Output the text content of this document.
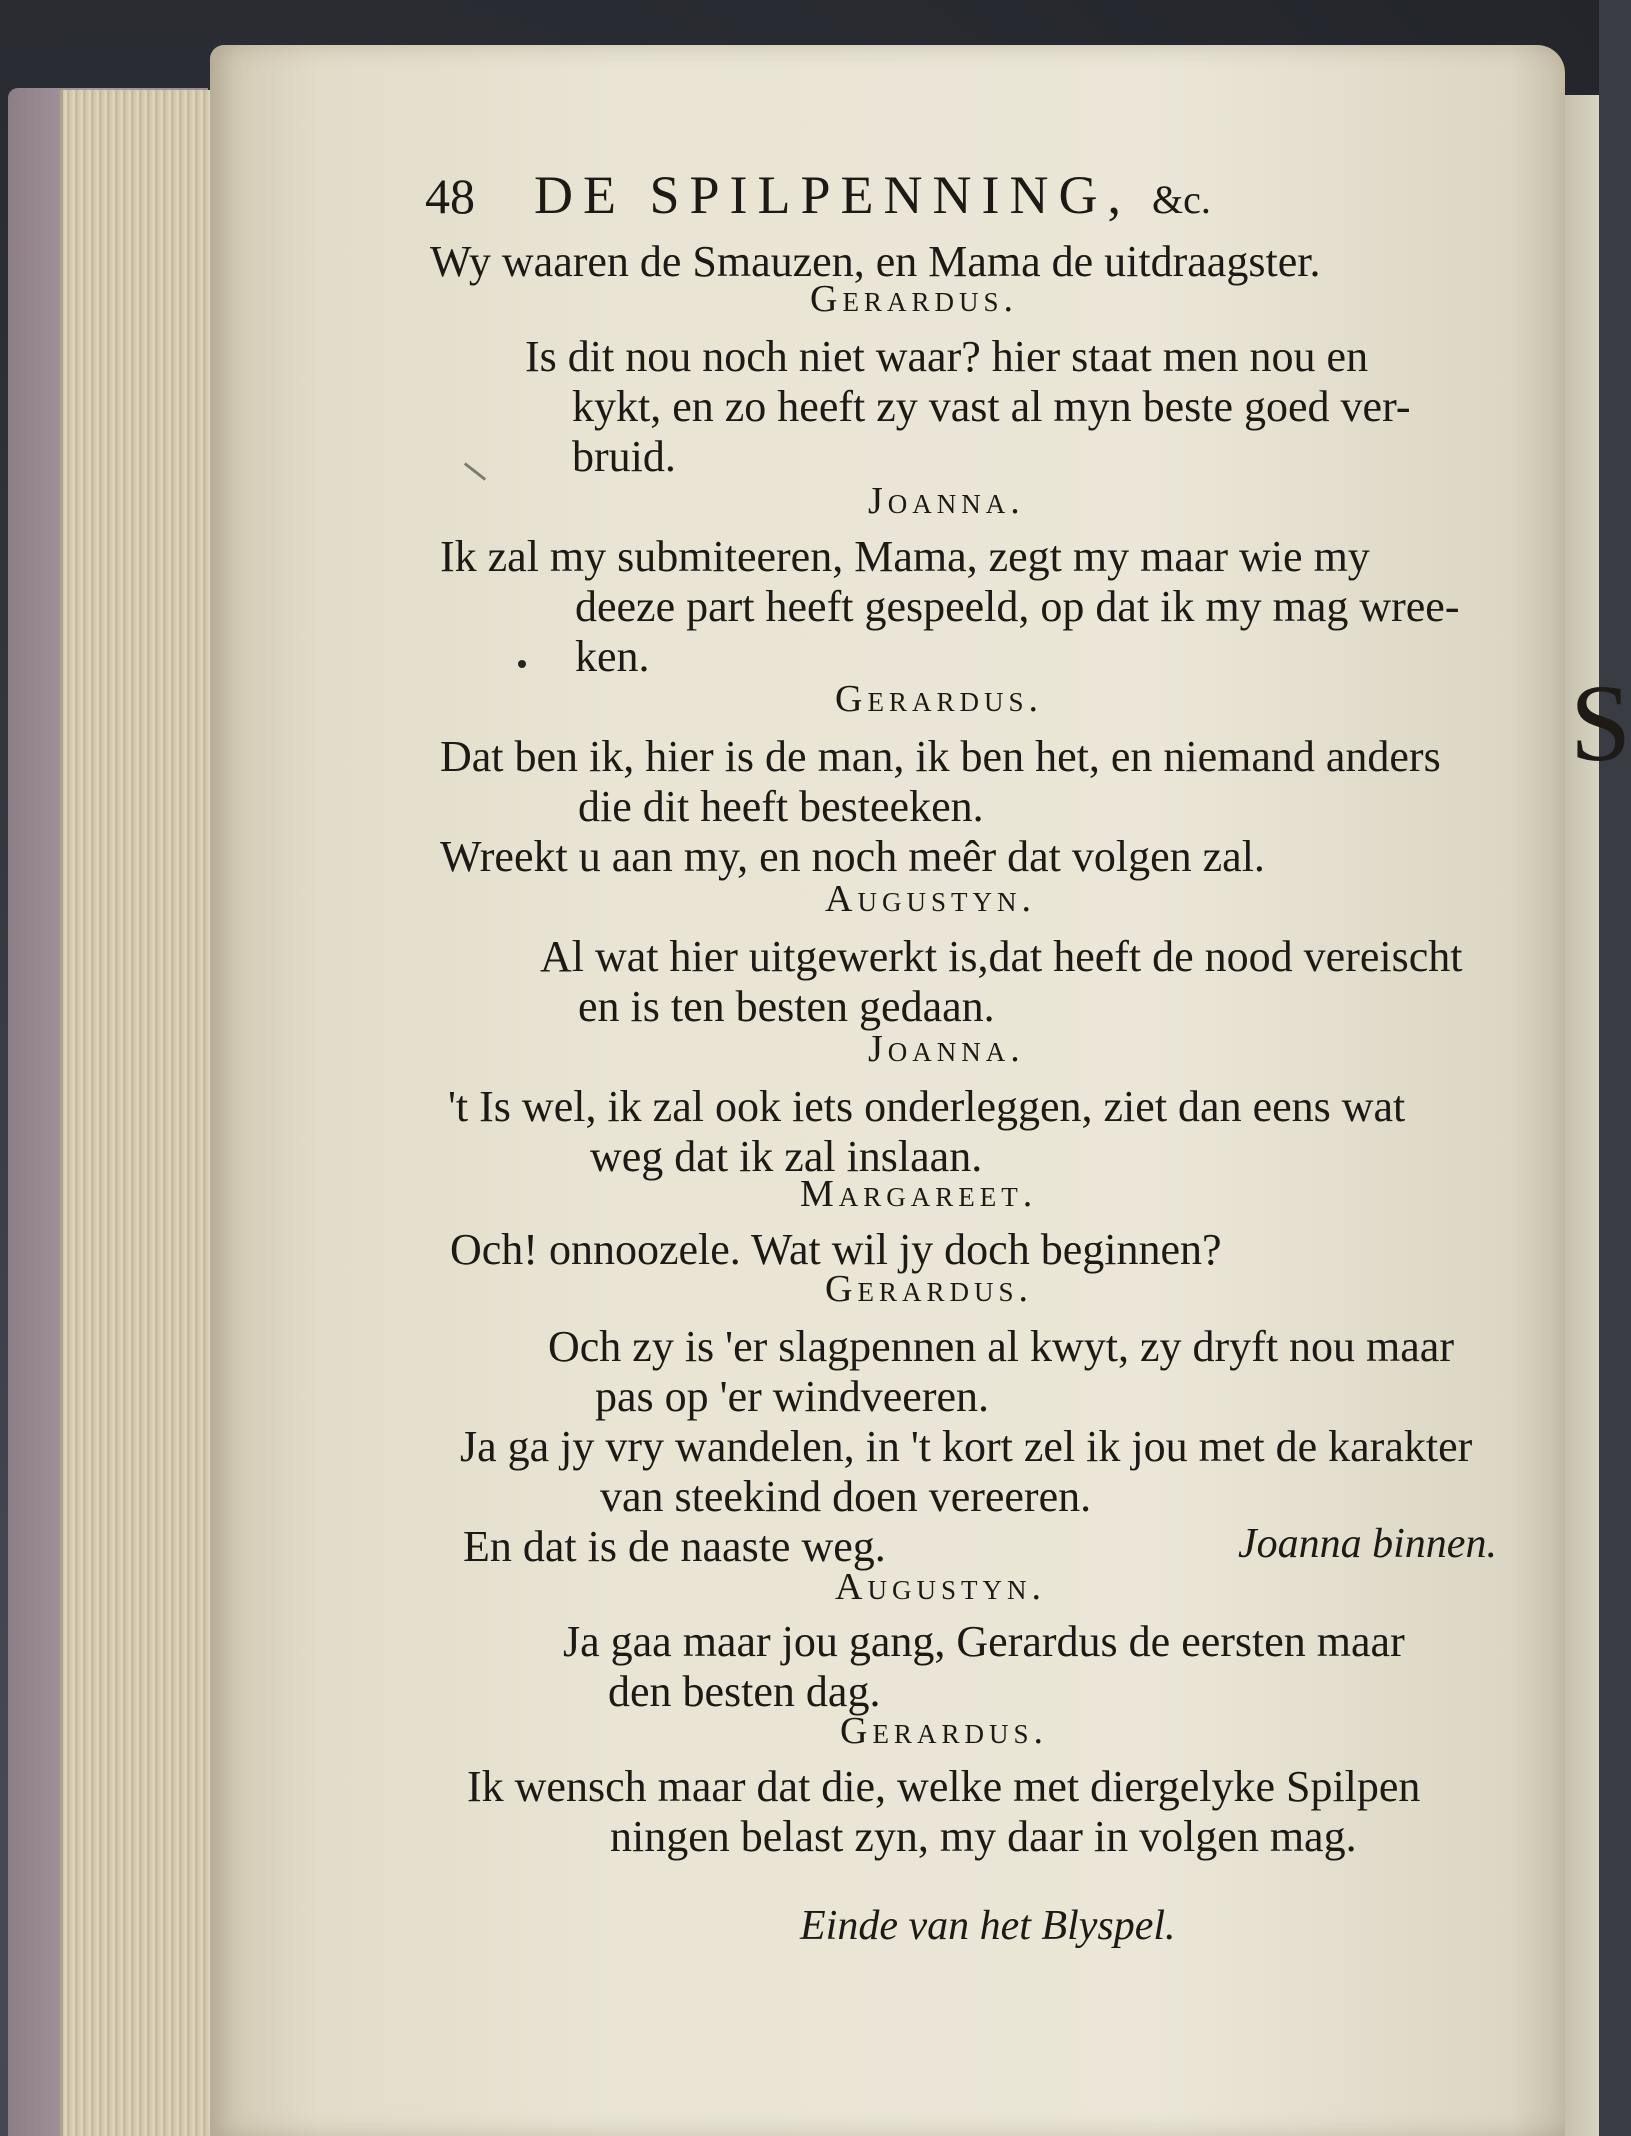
S
48 DE SPILPENNING, &c.
Wy waaren de Smauzen, en Mama de uitdraagster.
Gerardus.
Is dit nou noch niet waar? hier staat men nou en
kykt, en zo heeft zy vast al myn beste goed ver-
bruid.
Joanna.
Ik zal my submiteeren, Mama, zegt my maar wie my
deeze part heeft gespeeld, op dat ik my mag wree-
ken.
Gerardus.
Dat ben ik, hier is de man, ik ben het, en niemand anders
die dit heeft besteeken.
Wreekt u aan my, en noch meêr dat volgen zal.
Augustyn.
Al wat hier uitgewerkt is,dat heeft de nood vereischt
en is ten besten gedaan.
Joanna.
't Is wel, ik zal ook iets onderleggen, ziet dan eens wat
weg dat ik zal inslaan.
Margareet.
Och! onnoozele. Wat wil jy doch beginnen?
Gerardus.
Och zy is 'er slagpennen al kwyt, zy dryft nou maar
pas op 'er windveeren.
Ja ga jy vry wandelen, in 't kort zel ik jou met de karakter
van steekind doen vereeren.
En dat is de naaste weg.	Joanna binnen.
Augustyn.
Ja gaa maar jou gang, Gerardus de eersten maar
den besten dag.
Gerardus.
Ik wensch maar dat die, welke met diergelyke Spilpen
ningen belast zyn, my daar in volgen mag.
Einde van het Blyspel.
